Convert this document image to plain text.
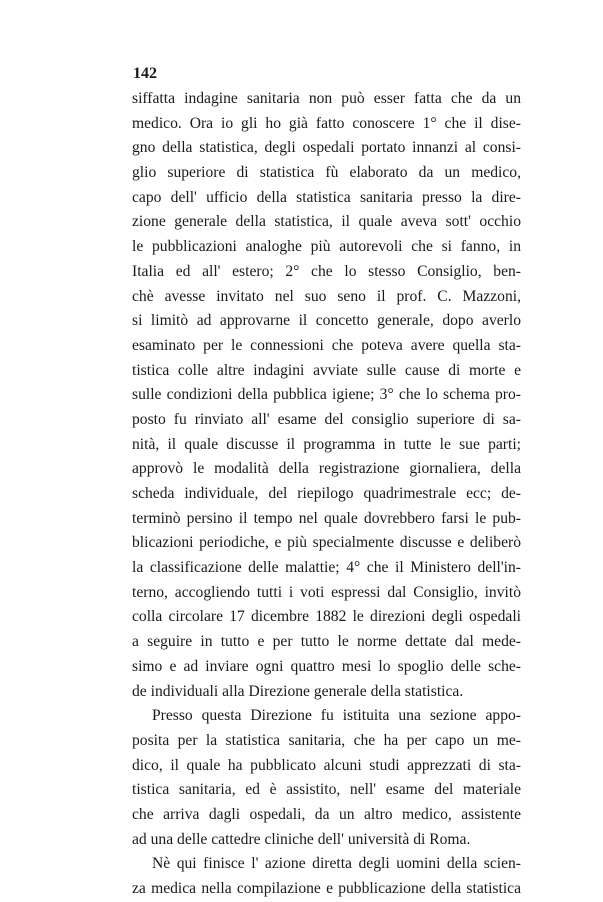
142
siffatta indagine sanitaria non può esser fatta che da un
medico. Ora io gli ho già fatto conoscere 1° che il dise-
gno della statistica, degli ospedali portato innanzi al consi-
glio superiore di statistica fù elaborato da un medico,
capo dell' ufficio della statistica sanitaria presso la dire-
zione generale della statistica, il quale aveva sott' occhio
le pubblicazioni analoghe più autorevoli che si fanno, in
Italia ed all' estero; 2° che lo stesso Consiglio, ben-
chè avesse invitato nel suo seno il prof. C. Mazzoni,
si limitò ad approvarne il concetto generale, dopo averlo
esaminato per le connessioni che poteva avere quella sta-
tistica colle altre indagini avviate sulle cause di morte e
sulle condizioni della pubblica igiene; 3° che lo schema pro-
posto fu rinviato all' esame del consiglio superiore di sa-
nità, il quale discusse il programma in tutte le sue parti;
approvò le modalità della registrazione giornaliera, della
scheda individuale, del riepilogo quadrimestrale ecc; de-
terminò persino il tempo nel quale dovrebbero farsi le pub-
blicazioni periodiche, e più specialmente discusse e deliberò
la classificazione delle malattie; 4° che il Ministero dell'in-
terno, accogliendo tutti i voti espressi dal Consiglio, invitò
colla circolare 17 dicembre 1882 le direzioni degli ospedali
a seguire in tutto e per tutto le norme dettate dal mede-
simo e ad inviare ogni quattro mesi lo spoglio delle sche-
de individuali alla Direzione generale della statistica.
Presso questa Direzione fu istituita una sezione appo-
posita per la statistica sanitaria, che ha per capo un me-
dico, il quale ha pubblicato alcuni studi apprezzati di sta-
tistica sanitaria, ed è assistito, nell' esame del materiale
che arriva dagli ospedali, da un altro medico, assistente
ad una delle cattedre cliniche dell' università di Roma.
Nè qui finisce l' azione diretta degli uomini della scien-
za medica nella compilazione e pubblicazione della statistica
